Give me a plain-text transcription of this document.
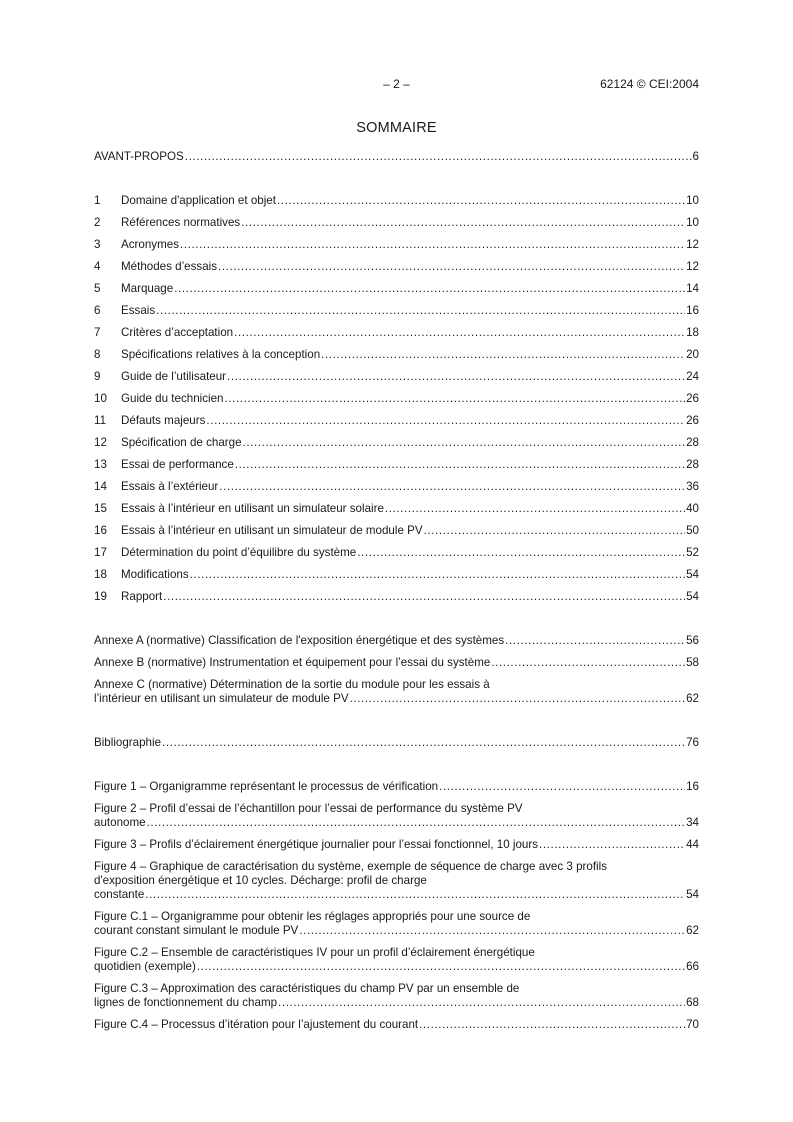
– 2 –	62124 © CEI:2004
SOMMAIRE
AVANT-PROPOS .....	6
1	Domaine d'application et objet .....	10
2	Références normatives .....	10
3	Acronymes .....	12
4	Méthodes d’essais .....	12
5	Marquage .....	14
6	Essais .....	16
7	Critères d’acceptation .....	18
8	Spécifications relatives à la conception .....	20
9	Guide de l’utilisateur .....	24
10	Guide du technicien .....	26
11	Défauts majeurs .....	26
12	Spécification de charge .....	28
13	Essai de performance .....	28
14	Essais à l’extérieur .....	36
15	Essais à l’intérieur en utilisant un simulateur solaire .....	40
16	Essais à l’intérieur en utilisant un simulateur de module PV .....	50
17	Détermination du point d’équilibre du système .....	52
18	Modifications .....	54
19	Rapport .....	54
Annexe A (normative) Classification de l'exposition énergétique et des systèmes .....	56
Annexe B (normative) Instrumentation et équipement pour l’essai du système .....	58
Annexe C (normative) Détermination de la sortie du module pour les essais à
l’intérieur en utilisant un simulateur de module PV .....	62
Bibliographie .....	76
Figure 1 – Organigramme représentant le processus de vérification .....	16
Figure 2 – Profil d’essai de l’échantillon pour l’essai de performance du système PV
autonome .....	34
Figure 3 – Profils d’éclairement énergétique journalier pour l’essai fonctionnel, 10 jours .....	44
Figure 4 – Graphique de caractérisation du système, exemple de séquence de charge avec 3 profils d'exposition énergétique et 10 cycles. Décharge: profil de charge
constante .....	54
Figure C.1 – Organigramme pour obtenir les réglages appropriés pour une source de
courant constant simulant le module PV .....	62
Figure C.2 – Ensemble de caractéristiques IV pour un profil d’éclairement énergétique
quotidien (exemple) .....	66
Figure C.3 – Approximation des caractéristiques du champ PV par un ensemble de
lignes de fonctionnement du champ .....	68
Figure C.4 – Processus d’itération pour l’ajustement du courant .....	70
